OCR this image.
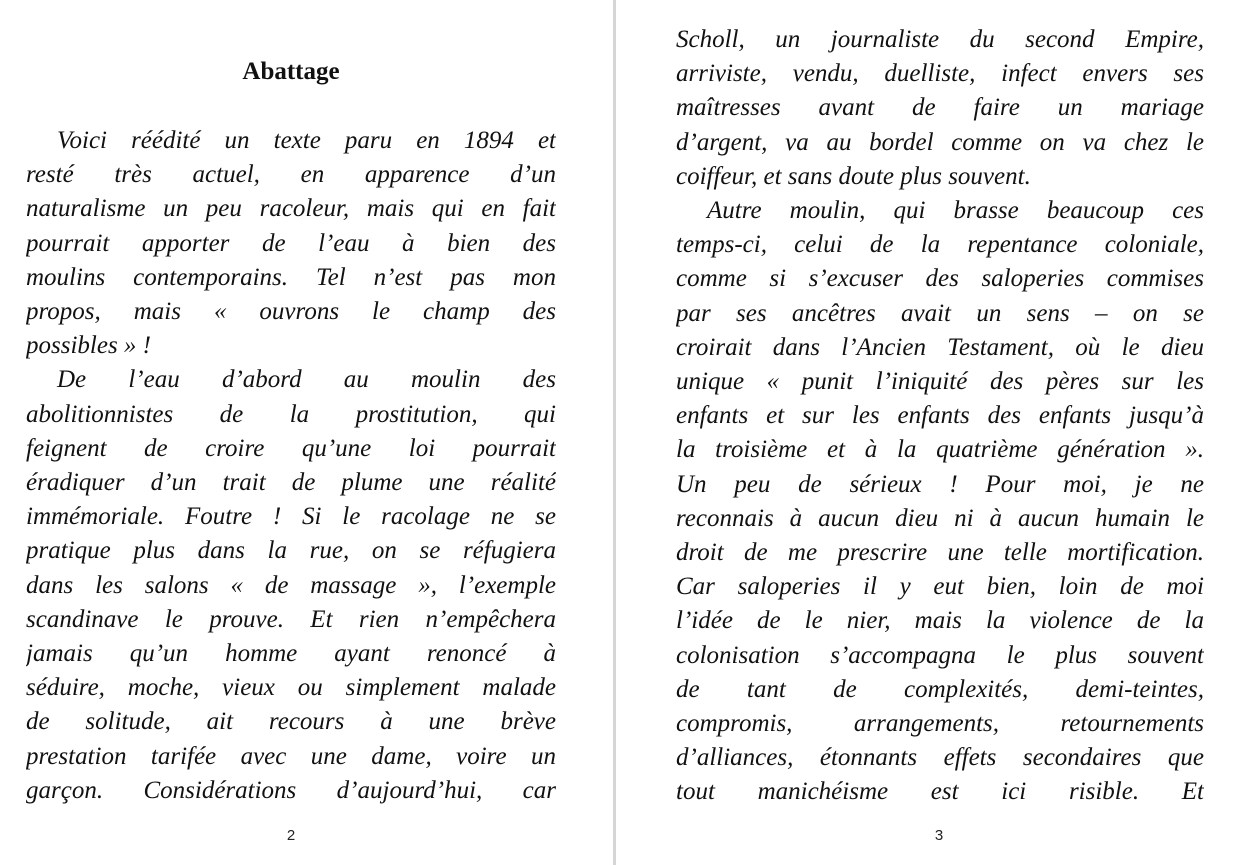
Abattage

Voici réédité un texte paru en 1894 et
resté très actuel, en apparence d’un
naturalisme un peu racoleur, mais qui en fait
pourrait apporter de l’eau à bien des
moulins contemporains. Tel n’est pas mon
propos, mais « ouvrons le champ des
possibles » !

De l’eau d’abord au moulin des
abolitionnistes de la prostitution, qui
feignent de croire qu’une loi pourrait
éradiquer d’un trait de plume une réalité
immémoriale. Foutre ! Si le racolage ne se
pratique plus dans la rue, on se réfugiera
dans les salons « de massage », l’exemple
scandinave le prouve. Et rien n’empêchera
jamais qu’un homme ayant renoncé à
séduire, moche, vieux ou simplement malade
de solitude, ait recours à une brève
prestation tarifée avec une dame, voire un
garçon. Considérations d’aujourd’hui, car

2

Scholl, un journaliste du second Empire,
arriviste, vendu, duelliste, infect envers ses
maîtresses avant de faire un mariage
d’argent, va au bordel comme on va chez le
coiffeur, et sans doute plus souvent.

Autre moulin, qui brasse beaucoup ces
temps-ci, celui de la repentance coloniale,
comme si s’excuser des saloperies commises
par ses ancêtres avait un sens – on se
croirait dans l’Ancien Testament, où le dieu
unique « punit l’iniquité des pères sur les
enfants et sur les enfants des enfants jusqu’à
la troisième et à la quatrième génération ».
Un peu de sérieux ! Pour moi, je ne
reconnais à aucun dieu ni à aucun humain le
droit de me prescrire une telle mortification.
Car saloperies il y eut bien, loin de moi
l’idée de le nier, mais la violence de la
colonisation s’accompagna le plus souvent
de tant de complexités, demi-teintes,
compromis, arrangements, retournements
d’alliances, étonnants effets secondaires que
tout manichéisme est ici risible. Et

3
